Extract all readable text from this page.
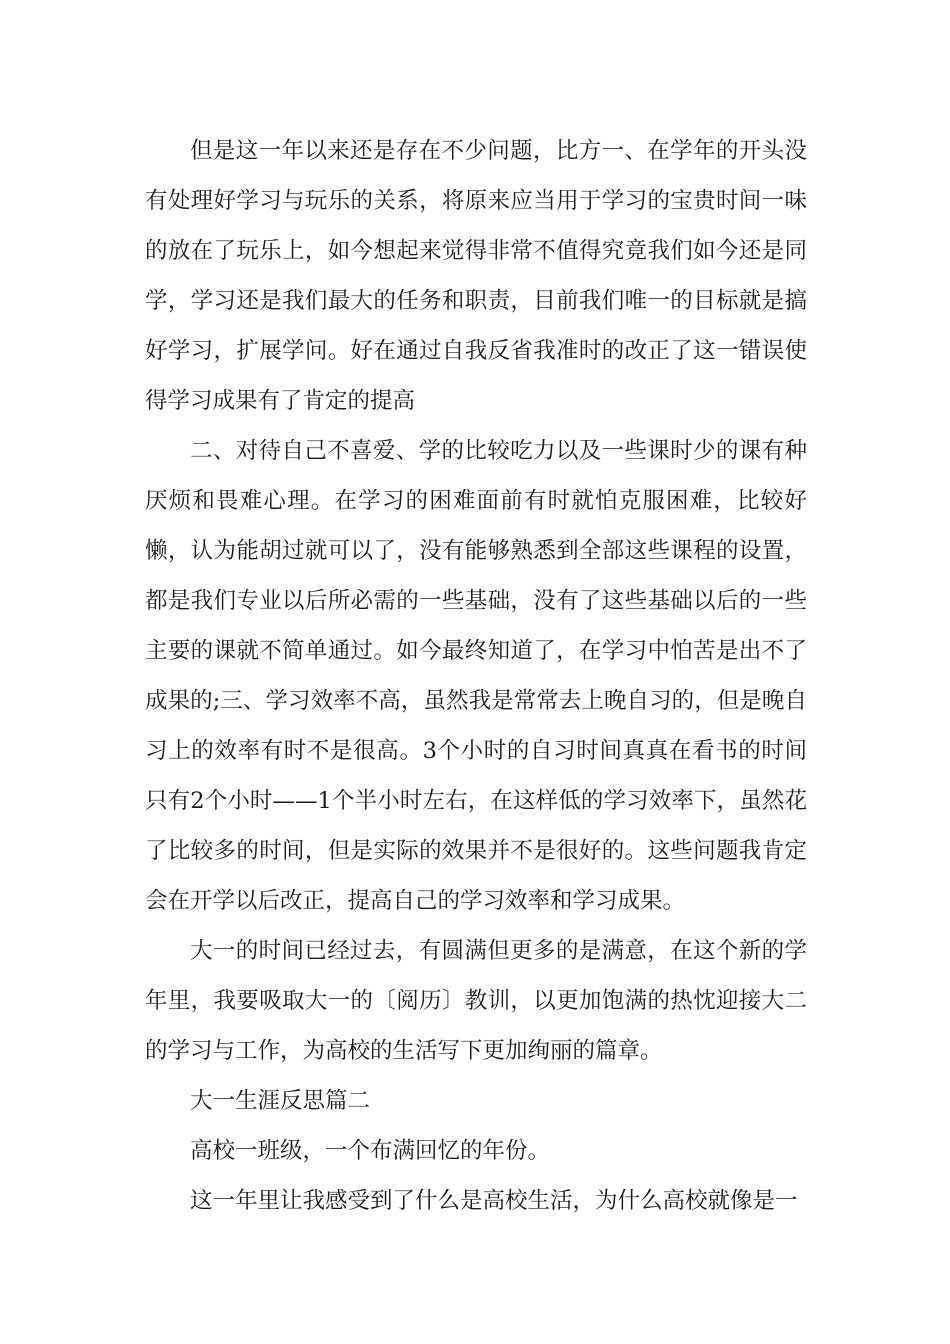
但是这一年以来还是存在不少问题，比方一、在学年的开头没有处理好学习与玩乐的关系，将原来应当用于学习的宝贵时间一味的放在了玩乐上，如今想起来觉得非常不值得究竟我们如今还是同学，学习还是我们最大的任务和职责，目前我们唯一的目标就是搞好学习，扩展学问。好在通过自我反省我准时的改正了这一错误使得学习成果有了肯定的提高

二、对待自己不喜爱、学的比较吃力以及一些课时少的课有种厌烦和畏难心理。在学习的困难面前有时就怕克服困难，比较好懒，认为能胡过就可以了，没有能够熟悉到全部这些课程的设置，都是我们专业以后所必需的一些基础，没有了这些基础以后的一些主要的课就不简单通过。如今最终知道了，在学习中怕苦是出不了成果的;三、学习效率不高，虽然我是常常去上晚自习的，但是晚自习上的效率有时不是很高。3个小时的自习时间真真在看书的时间只有2个小时——1个半小时左右，在这样低的学习效率下，虽然花了比较多的时间，但是实际的效果并不是很好的。这些问题我肯定会在开学以后改正，提高自己的学习效率和学习成果。

大一的时间已经过去，有圆满但更多的是满意，在这个新的学年里，我要吸取大一的〔阅历〕教训，以更加饱满的热忱迎接大二的学习与工作，为高校的生活写下更加绚丽的篇章。

大一生涯反思篇二

高校一班级，一个布满回忆的年份。

这一年里让我感受到了什么是高校生活，为什么高校就像是一
